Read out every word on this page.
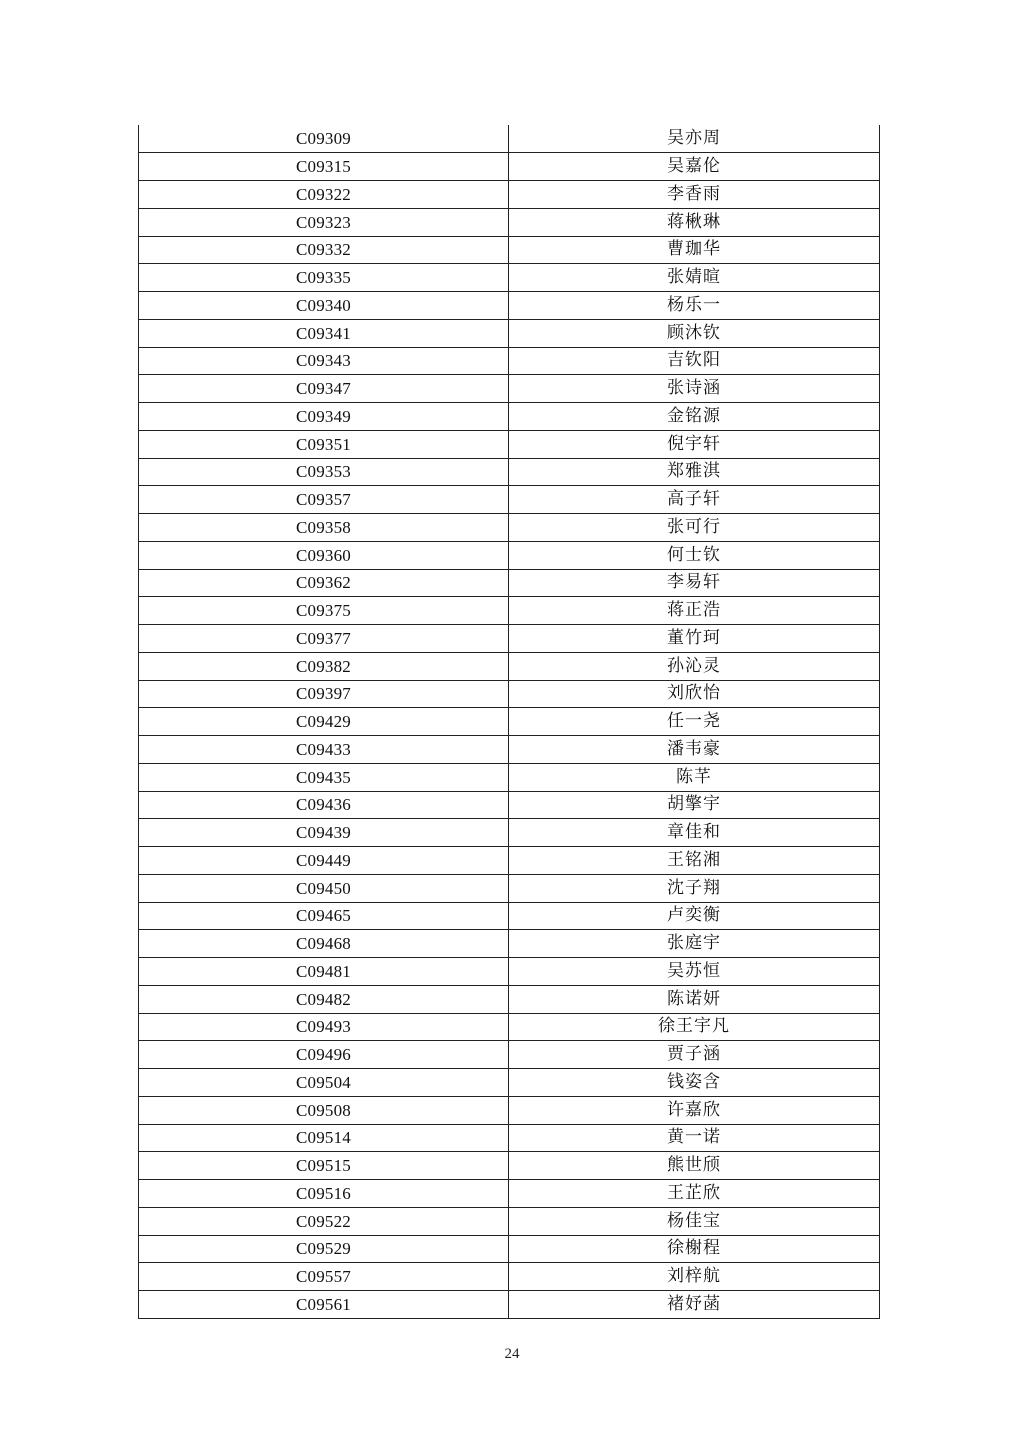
C09309	吴亦周
C09315	吴嘉伦
C09322	李香雨
C09323	蒋楸琳
C09332	曹珈华
C09335	张婧暄
C09340	杨乐一
C09341	顾沐钦
C09343	吉钦阳
C09347	张诗涵
C09349	金铭源
C09351	倪宇轩
C09353	郑雅淇
C09357	高子轩
C09358	张可行
C09360	何士钦
C09362	李易轩
C09375	蒋正浩
C09377	董竹珂
C09382	孙沁灵
C09397	刘欣怡
C09429	任一尧
C09433	潘韦豪
C09435	陈芊
C09436	胡擎宇
C09439	章佳和
C09449	王铭湘
C09450	沈子翔
C09465	卢奕衡
C09468	张庭宇
C09481	吴苏恒
C09482	陈诺妍
C09493	徐王宇凡
C09496	贾子涵
C09504	钱姿含
C09508	许嘉欣
C09514	黄一诺
C09515	熊世颀
C09516	王芷欣
C09522	杨佳宝
C09529	徐榭程
C09557	刘梓航
C09561	褚妤菡
24
